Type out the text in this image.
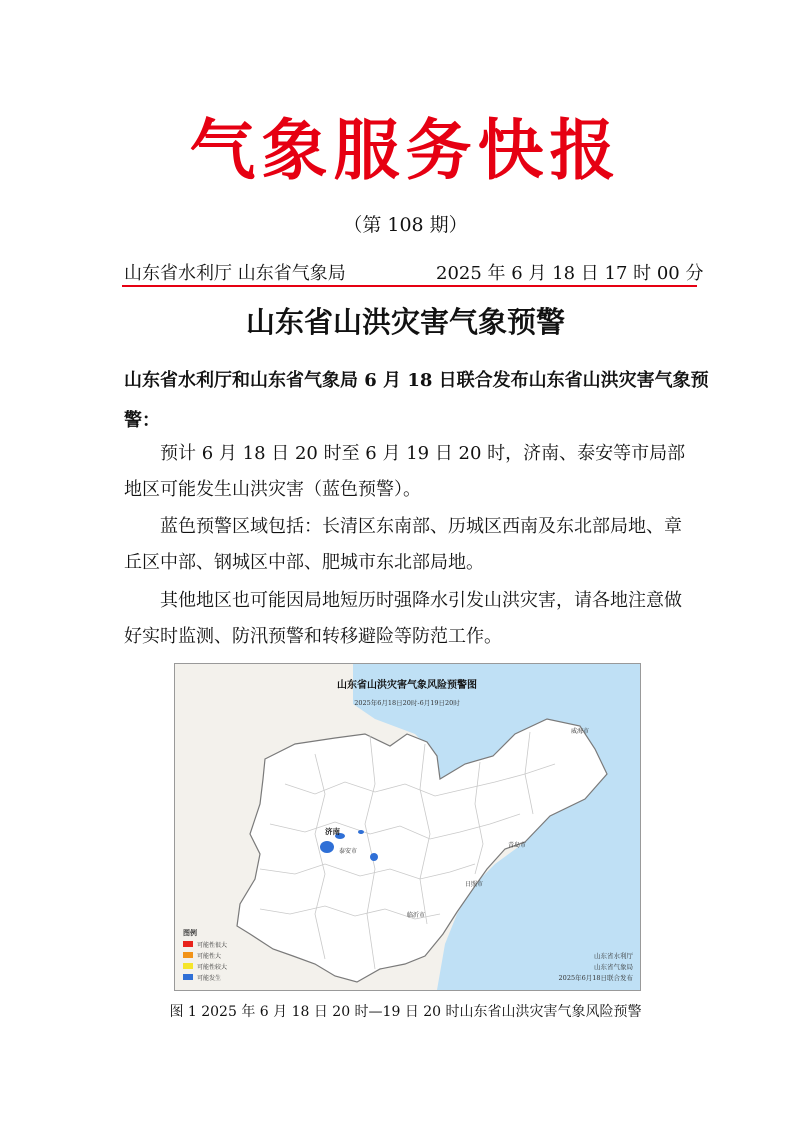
气象服务快报
（第 108 期）
山东省水利厅 山东省气象局	2025 年 6 月 18 日 17 时 00 分
山东省山洪灾害气象预警
山东省水利厅和山东省气象局 6 月 18 日联合发布山东省山洪灾害气象预警：
预计 6 月 18 日 20 时至 6 月 19 日 20 时，济南、泰安等市局部地区可能发生山洪灾害（蓝色预警）。
蓝色预警区域包括：长清区东南部、历城区西南及东北部局地、章丘区中部、钢城区中部、肥城市东北部局地。
其他地区也可能因局地短历时强降水引发山洪灾害，请各地注意做好实时监测、防汛预警和转移避险等防范工作。
山东省山洪灾害气象风险预警图
2025年6月18日20时-6月19日20时
济南
泰安市
青岛市
威海市
日照市
临沂市
图例
可能性很大
可能性大
可能性较大
可能发生
山东省水利厅
山东省气象局
2025年6月18日联合发布
图 1 2025 年 6 月 18 日 20 时—19 日 20 时山东省山洪灾害气象风险预警
